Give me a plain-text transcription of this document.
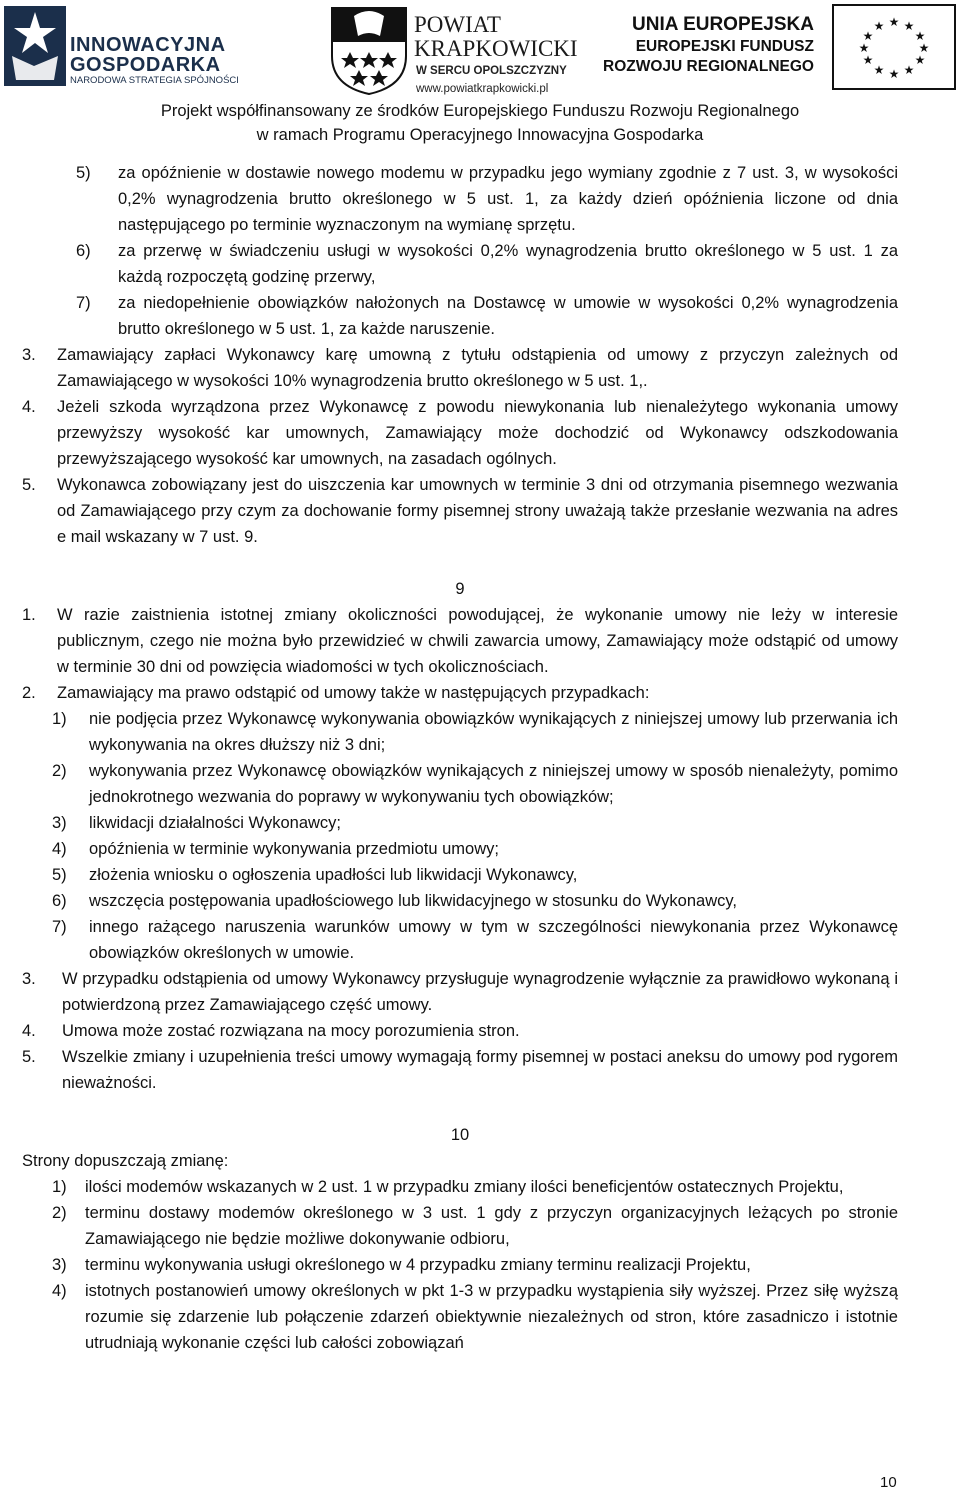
INNOWACYJNA
GOSPODARKA
NARODOWA STRATEGIA SPÓJNOŚCI
POWIAT
KRAPKOWICKI
W SERCU OPOLSZCZYZNY
www.powiatkrapkowicki.pl
UNIA EUROPEJSKA
EUROPEJSKI FUNDUSZ
ROZWOJU REGIONALNEGO
★ ★
★
★
★
★
★
★
★
★
★
★
Projekt współfinansowany ze środków Europejskiego Funduszu Rozwoju Regionalnego
w ramach Programu Operacyjnego Innowacyjna Gospodarka
5) za opóźnienie w dostawie nowego modemu w przypadku jego wymiany zgodnie z 7 ust. 3, w wysokości 0,2% wynagrodzenia brutto określonego w 5 ust. 1, za każdy dzień opóźnienia liczone od dnia następującego po terminie wyznaczonym na wymianę sprzętu.
6) za przerwę w świadczeniu usługi w wysokości 0,2% wynagrodzenia brutto określonego w 5 ust. 1 za każdą rozpoczętą godzinę przerwy,
7) za niedopełnienie obowiązków nałożonych na Dostawcę w umowie w wysokości 0,2% wynagrodzenia brutto określonego w 5 ust. 1, za każde naruszenie.
3. Zamawiający zapłaci Wykonawcy karę umowną z tytułu odstąpienia od umowy z przyczyn zależnych od Zamawiającego w wysokości 10% wynagrodzenia brutto określonego w 5 ust. 1,.
4. Jeżeli szkoda wyrządzona przez Wykonawcę z powodu niewykonania lub nienależytego wykonania umowy przewyższy wysokość kar umownych, Zamawiający może dochodzić od Wykonawcy odszkodowania przewyższającego wysokość kar umownych, na zasadach ogólnych.
5. Wykonawca zobowiązany jest do uiszczenia kar umownych w terminie 3 dni od otrzymania pisemnego wezwania od Zamawiającego przy czym za dochowanie formy pisemnej strony uważają także przesłanie wezwania na adres e mail wskazany w 7 ust. 9.
9
1. W razie zaistnienia istotnej zmiany okoliczności powodującej, że wykonanie umowy nie leży w interesie publicznym, czego nie można było przewidzieć w chwili zawarcia umowy, Zamawiający może odstąpić od umowy w terminie 30 dni od powzięcia wiadomości w tych okolicznościach.
2. Zamawiający ma prawo odstąpić od umowy także w następujących przypadkach:
1) nie podjęcia przez Wykonawcę wykonywania obowiązków wynikających z niniejszej umowy lub przerwania ich wykonywania na okres dłuższy niż 3 dni;
2) wykonywania przez Wykonawcę obowiązków wynikających z niniejszej umowy w sposób nienależyty, pomimo jednokrotnego wezwania do poprawy w wykonywaniu tych obowiązków;
3) likwidacji działalności Wykonawcy;
4) opóźnienia w terminie wykonywania przedmiotu umowy;
5) złożenia wniosku o ogłoszenia upadłości lub likwidacji Wykonawcy,
6) wszczęcia postępowania upadłościowego lub likwidacyjnego w stosunku do Wykonawcy,
7) innego rażącego naruszenia warunków umowy w tym w szczególności niewykonania przez Wykonawcę obowiązków określonych w umowie.
3. W przypadku odstąpienia od umowy Wykonawcy przysługuje wynagrodzenie wyłącznie za prawidłowo wykonaną i potwierdzoną przez Zamawiającego część umowy.
4. Umowa może zostać rozwiązana na mocy porozumienia stron.
5. Wszelkie zmiany i uzupełnienia treści umowy wymagają formy pisemnej w postaci aneksu do umowy pod rygorem nieważności.
10
Strony dopuszczają zmianę:
1) ilości modemów wskazanych w 2 ust. 1 w przypadku zmiany ilości beneficjentów ostatecznych Projektu,
2) terminu dostawy modemów określonego w 3 ust. 1 gdy z przyczyn organizacyjnych leżących po stronie Zamawiającego nie będzie możliwe dokonywanie odbioru,
3) terminu wykonywania usługi określonego w 4 przypadku zmiany terminu realizacji Projektu,
4) istotnych postanowień umowy określonych w pkt 1-3 w przypadku wystąpienia siły wyższej. Przez siłę wyższą rozumie się zdarzenie lub połączenie zdarzeń obiektywnie niezależnych od stron, które zasadniczo i istotnie utrudniają wykonanie części lub całości zobowiązań
10
